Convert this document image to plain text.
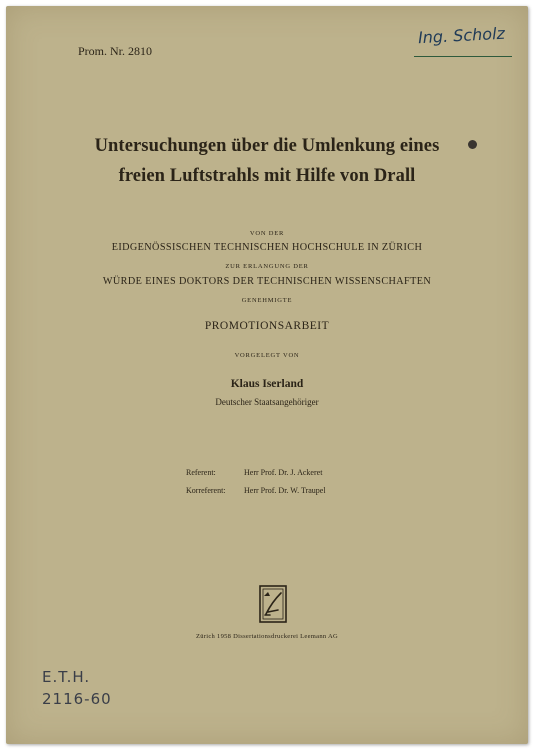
Prom. Nr. 2810
Ing. Scholz
Untersuchungen über die Umlenkung eines
freien Luftstrahls mit Hilfe von Drall
VON DER
EIDGENÖSSISCHEN TECHNISCHEN HOCHSCHULE IN ZÜRICH
ZUR ERLANGUNG DER
WÜRDE EINES DOKTORS DER TECHNISCHEN WISSENSCHAFTEN
GENEHMIGTE
PROMOTIONSARBEIT
VORGELEGT VON
Klaus Iserland
Deutscher Staatsangehöriger
Referent:	Herr Prof. Dr. J. Ackeret
Korreferent: Herr Prof. Dr. W. Traupel
Zürich 1958 Dissertationsdruckerei Leemann AG
E.T.H.
2116-60
